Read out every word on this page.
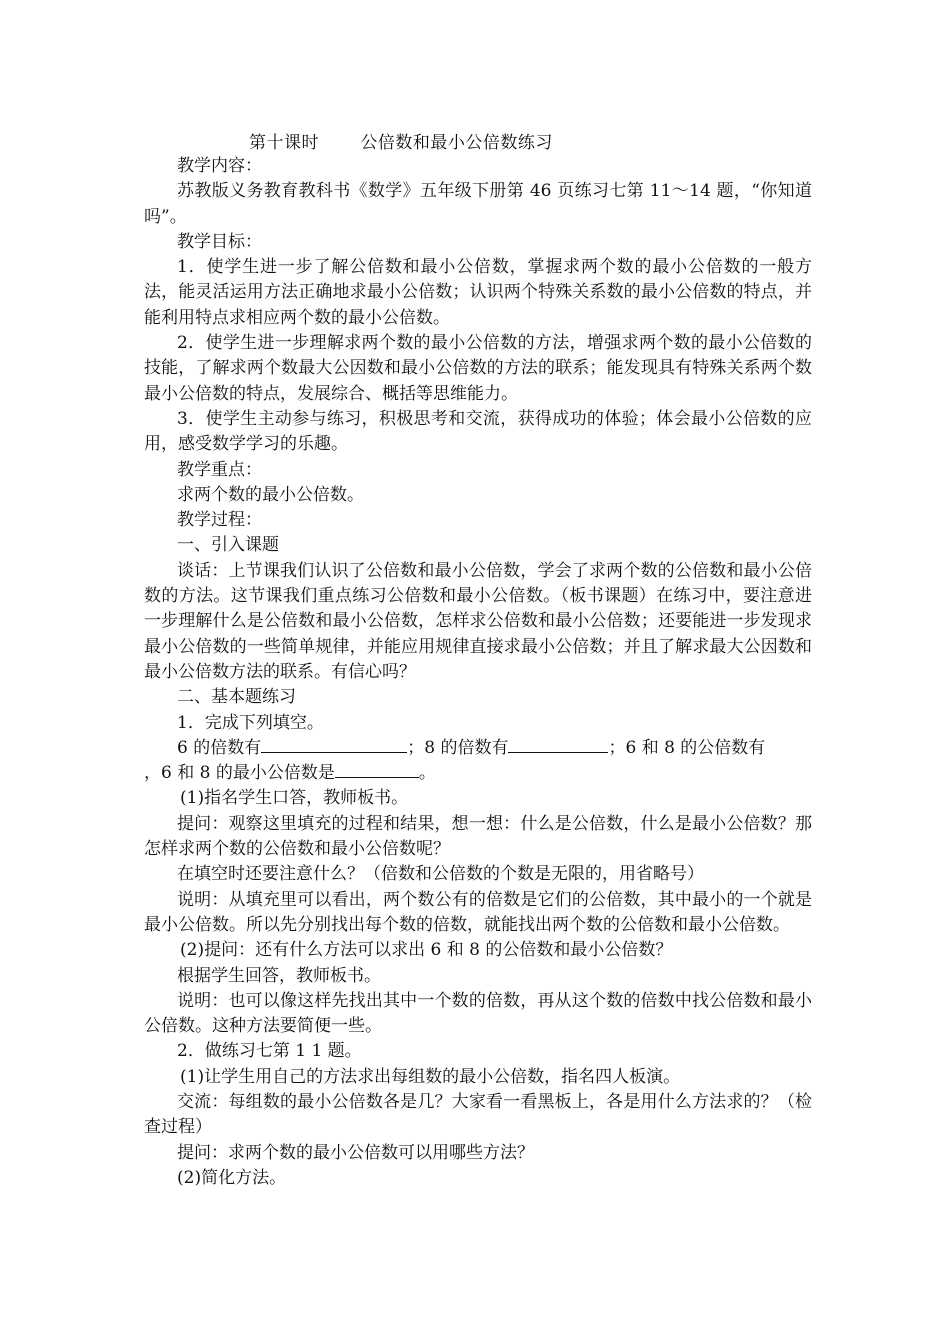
第十课时       公倍数和最小公倍数练习

教学内容：

苏教版义务教育教科书《数学》五年级下册第 46 页练习七第 11～14 题，“你知道吗”。

教学目标：

1．使学生进一步了解公倍数和最小公倍数，掌握求两个数的最小公倍数的一般方法，能灵活运用方法正确地求最小公倍数；认识两个特殊关系数的最小公倍数的特点，并能利用特点求相应两个数的最小公倍数。

2．使学生进一步理解求两个数的最小公倍数的方法，增强求两个数的最小公倍数的技能，了解求两个数最大公因数和最小公倍数的方法的联系；能发现具有特殊关系两个数最小公倍数的特点，发展综合、概括等思维能力。

3．使学生主动参与练习，积极思考和交流，获得成功的体验；体会最小公倍数的应用，感受数学学习的乐趣。

教学重点：

求两个数的最小公倍数。

教学过程：

一、引入课题

谈话：上节课我们认识了公倍数和最小公倍数，学会了求两个数的公倍数和最小公倍数的方法。这节课我们重点练习公倍数和最小公倍数。（板书课题）在练习中，要注意进一步理解什么是公倍数和最小公倍数，怎样求公倍数和最小公倍数；还要能进一步发现求最小公倍数的一些简单规律，并能应用规律直接求最小公倍数；并且了解求最大公因数和最小公倍数方法的联系。有信心吗？

二、基本题练习

1．完成下列填空。

6 的倍数有	；8 的倍数有	；6 和 8 的公倍数有

，6 和 8 的最小公倍数是	。

(1)指名学生口答，教师板书。

提问：观察这里填充的过程和结果，想一想：什么是公倍数，什么是最小公倍数？那怎样求两个数的公倍数和最小公倍数呢？

在填空时还要注意什么？（倍数和公倍数的个数是无限的，用省略号）

说明：从填充里可以看出，两个数公有的倍数是它们的公倍数，其中最小的一个就是最小公倍数。所以先分别找出每个数的倍数，就能找出两个数的公倍数和最小公倍数。

(2)提问：还有什么方法可以求出 6 和 8 的公倍数和最小公倍数？

根据学生回答，教师板书。

说明：也可以像这样先找出其中一个数的倍数，再从这个数的倍数中找公倍数和最小公倍数。这种方法要简便一些。

2．做练习七第 1 1 题。

(1)让学生用自己的方法求出每组数的最小公倍数，指名四人板演。

交流：每组数的最小公倍数各是几？大家看一看黑板上，各是用什么方法求的？（检查过程）

提问：求两个数的最小公倍数可以用哪些方法？

(2)简化方法。
